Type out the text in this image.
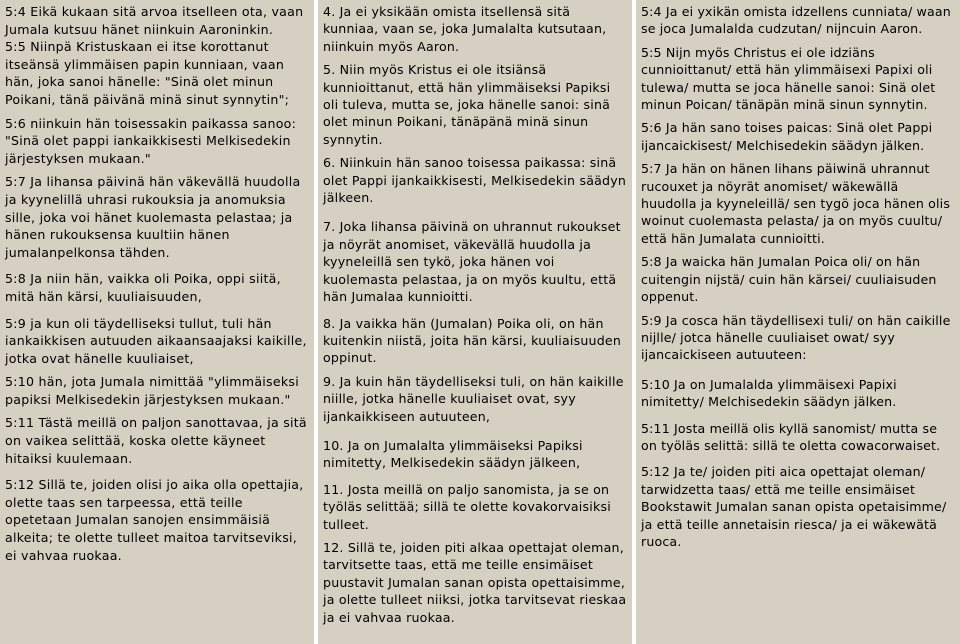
5:4 Eikä kukaan sitä arvoa itselleen ota, vaan Jumala kutsuu hänet niinkuin Aaroninkin.

5:5 Niinpä Kristuskaan ei itse korottanut itseänsä ylimmäisen papin kunniaan, vaan hän, joka sanoi hänelle: "Sinä olet minun Poikani, tänä päivänä minä sinut synnytin";

5:6 niinkuin hän toisessakin paikassa sanoo: "Sinä olet pappi iankaikkisesti Melkisedekin järjestyksen mukaan."

5:7 Ja lihansa päivinä hän väkevällä huudolla ja kyynelillä uhrasi rukouksia ja anomuksia sille, joka voi hänet kuolemasta pelastaa; ja hänen rukouksensa kuultiin hänen jumalanpelkonsa tähden.

5:8 Ja niin hän, vaikka oli Poika, oppi siitä, mitä hän kärsi, kuuliaisuuden,

5:9 ja kun oli täydelliseksi tullut, tuli hän iankaikkisen autuuden aikaansaajaksi kaikille, jotka ovat hänelle kuuliaiset,

5:10 hän, jota Jumala nimittää "ylimmäiseksi papiksi Melkisedekin järjestyksen mukaan."

5:11 Tästä meillä on paljon sanottavaa, ja sitä on vaikea selittää, koska olette käyneet hitaiksi kuulemaan.

5:12 Sillä te, joiden olisi jo aika olla opettajia, olette taas sen tarpeessa, että teille opetetaan Jumalan sanojen ensimmäisiä alkeita; te olette tulleet maitoa tarvitseviksi, ei vahvaa ruokaa.

4. Ja ei yksikään omista itsellensä sitä kunniaa, vaan se, joka Jumalalta kutsutaan, niinkuin myös Aaron.

5. Niin myös Kristus ei ole itsiänsä kunnioittanut, että hän ylimmäiseksi Papiksi oli tuleva, mutta se, joka hänelle sanoi: sinä olet minun Poikani, tänäpänä minä sinun synnytin.

6. Niinkuin hän sanoo toisessa paikassa: sinä olet Pappi ijankaikkisesti, Melkisedekin säädyn jälkeen.

7. Joka lihansa päivinä on uhrannut rukoukset ja nöyrät anomiset, väkevällä huudolla ja kyyneleillä sen tykö, joka hänen voi kuolemasta pelastaa, ja on myös kuultu, että hän Jumalaa kunnioitti.

8. Ja vaikka hän (Jumalan) Poika oli, on hän kuitenkin niistä, joita hän kärsi, kuuliaisuuden oppinut.

9. Ja kuin hän täydelliseksi tuli, on hän kaikille niille, jotka hänelle kuuliaiset ovat, syy ijankaikkiseen autuuteen,

10. Ja on Jumalalta ylimmäiseksi Papiksi nimitetty, Melkisedekin säädyn jälkeen,

11. Josta meillä on paljo sanomista, ja se on työläs selittää; sillä te olette kovakorvaisiksi tulleet.

12. Sillä te, joiden piti alkaa opettajat oleman, tarvitsette taas, että me teille ensimäiset puustavit Jumalan sanan opista opettaisimme, ja olette tulleet niiksi, jotka tarvitsevat rieskaa ja ei vahvaa ruokaa.

5:4 Ja ei yxikän omista idzellens cunniata/ waan se joca Jumalalda cudzutan/ nijncuin Aaron.

5:5 Nijn myös Christus ei ole idziäns cunnioittanut/ että hän ylimmäisexi Papixi oli tulewa/ mutta se joca hänelle sanoi: Sinä olet minun Poican/ tänäpän minä sinun synnytin.

5:6 Ja hän sano toises paicas: Sinä olet Pappi ijancaickisest/ Melchisedekin säädyn jälken.

5:7 Ja hän on hänen lihans päiwinä uhrannut rucouxet ja nöyrät anomiset/ wäkewällä huudolla ja kyyneleillä/ sen tygö joca hänen olis woinut cuolemasta pelasta/ ja on myös cuultu/ että hän Jumalata cunnioitti.

5:8 Ja waicka hän Jumalan Poica oli/ on hän cuitengin nijstä/ cuin hän kärsei/ cuuliaisuden oppenut.

5:9 Ja cosca hän täydellisexi tuli/ on hän caikille nijlle/ jotca hänelle cuuliaiset owat/ syy ijancaickiseen autuuteen:

5:10 Ja on Jumalalda ylimmäisexi Papixi nimitetty/ Melchisedekin säädyn jälken.

5:11 Josta meillä olis kyllä sanomist/ mutta se on työläs selittä: sillä te oletta cowacorwaiset.

5:12 Ja te/ joiden piti aica opettajat oleman/ tarwidzetta taas/ että me teille ensimäiset Bookstawit Jumalan sanan opista opetaisimme/ ja että teille annetaisin riesca/ ja ei wäkewätä ruoca.
